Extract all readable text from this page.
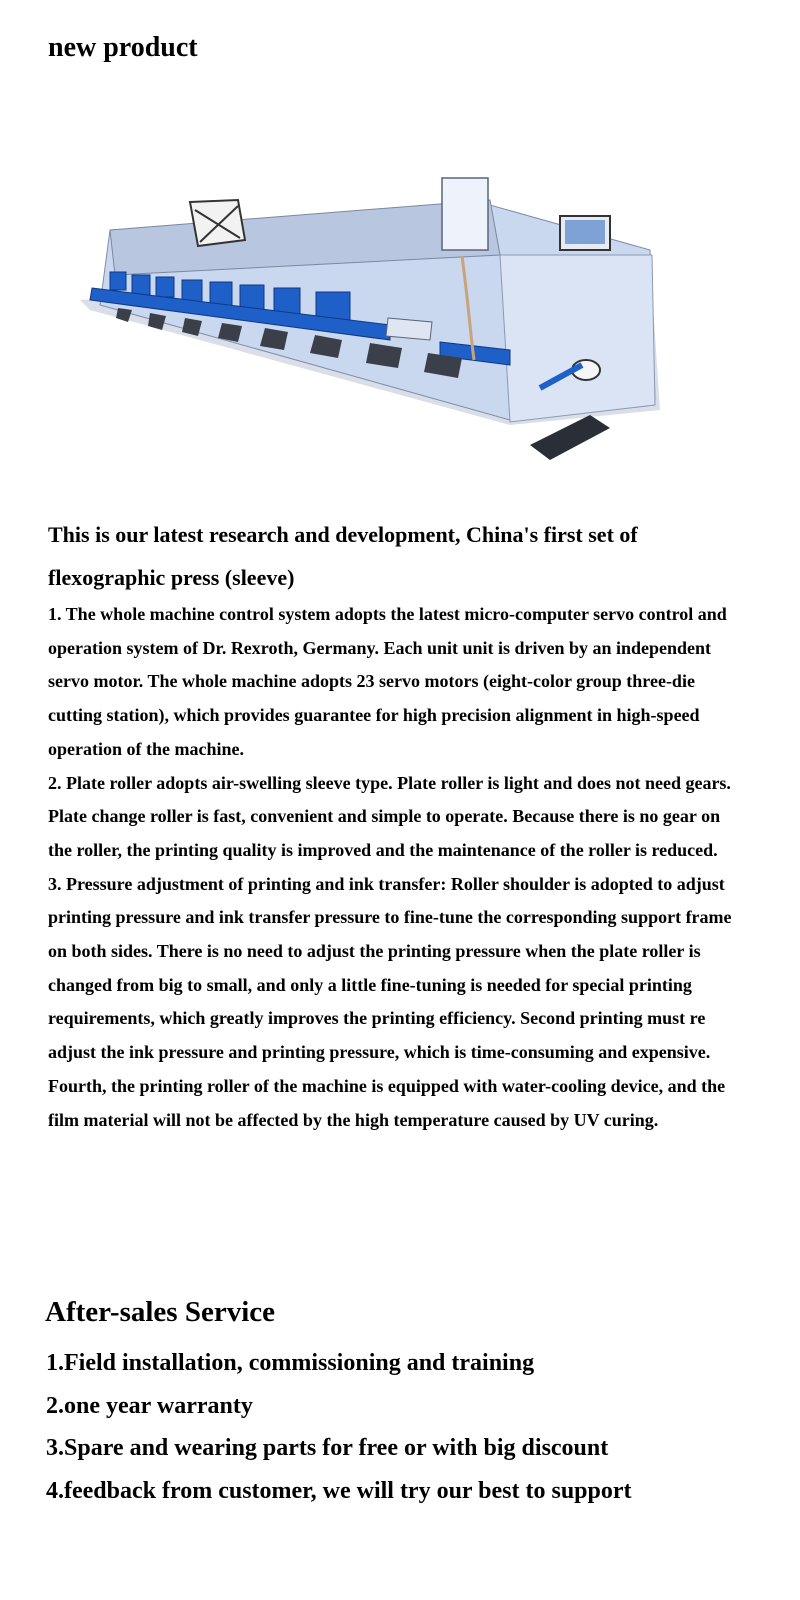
new product
This is our latest research and development, China's first set of flexographic press (sleeve)

1. The whole machine control system adopts the latest micro-computer servo control and operation system of Dr. Rexroth, Germany. Each unit unit is driven by an independent servo motor. The whole machine adopts 23 servo motors (eight-color group three-die cutting station), which provides guarantee for high precision alignment in high-speed operation of the machine.

2. Plate roller adopts air-swelling sleeve type. Plate roller is light and does not need gears. Plate change roller is fast, convenient and simple to operate. Because there is no gear on the roller, the printing quality is improved and the maintenance of the roller is reduced.

3. Pressure adjustment of printing and ink transfer: Roller shoulder is adopted to adjust printing pressure and ink transfer pressure to fine-tune the corresponding support frame on both sides. There is no need to adjust the printing pressure when the plate roller is changed from big to small, and only a little fine-tuning is needed for special printing requirements, which greatly improves the printing efficiency. Second printing must re adjust the ink pressure and printing pressure, which is time-consuming and expensive. Fourth, the printing roller of the machine is equipped with water-cooling device, and the film material will not be affected by the high temperature caused by UV curing.

After-sales Service
1.Field installation, commissioning and training
2.one year warranty
3.Spare and wearing parts for free or with big discount
4.feedback from customer, we will try our best to support
